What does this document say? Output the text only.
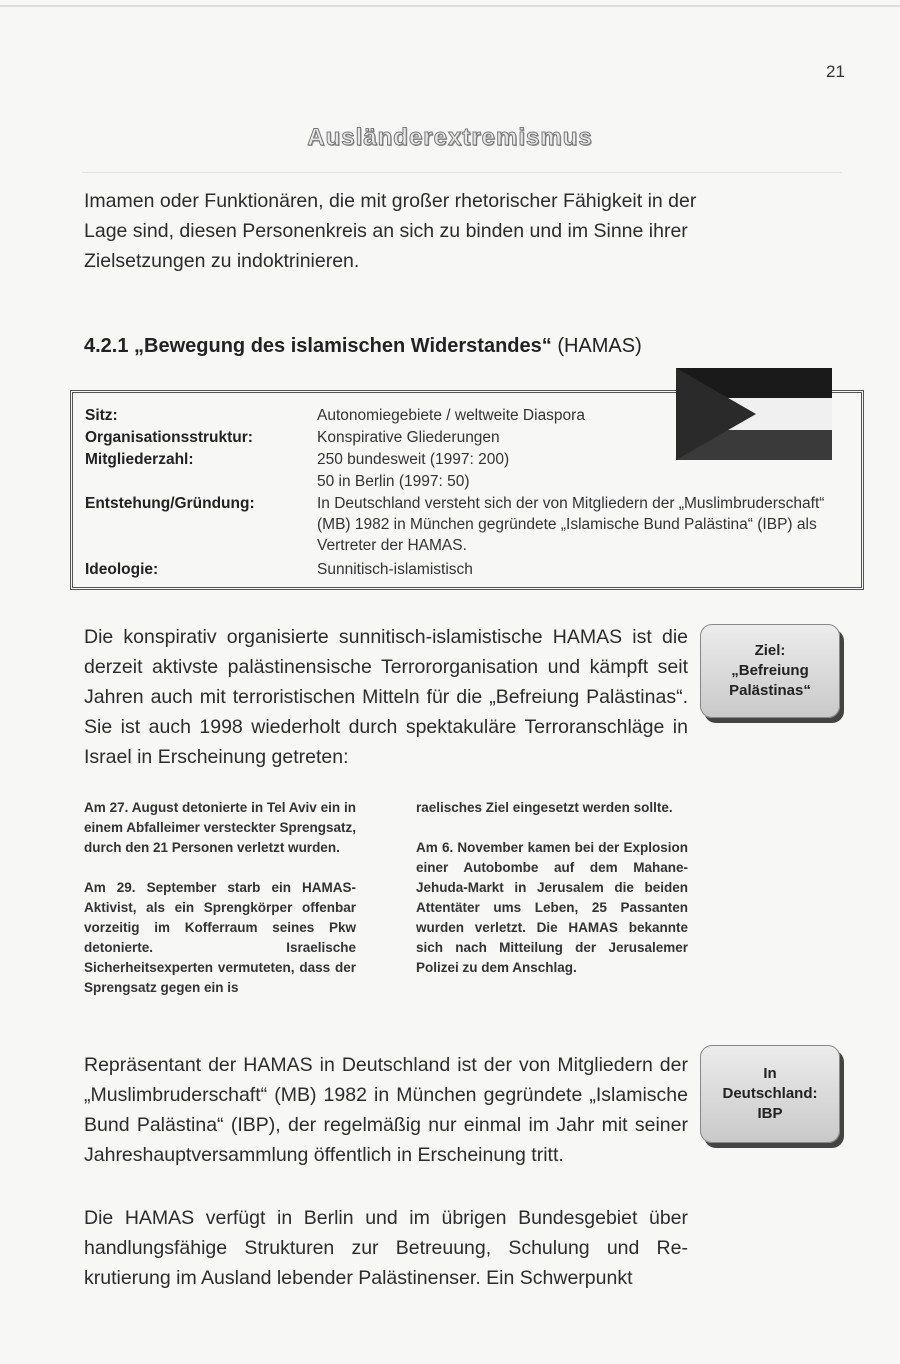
21
Ausländerextremismus
Imamen oder Funktionären, die mit großer rhetorischer Fähigkeit in der Lage sind, diesen Personenkreis an sich zu binden und im Sinne ihrer Zielsetzungen zu indoktrinieren.
4.2.1 „Bewegung des islamischen Widerstandes“ (HAMAS)
Sitz:	Autonomiegebiete / weltweite Diaspora
Organisationsstruktur:	Konspirative Gliederungen
Mitgliederzahl:	250 bundesweit (1997: 200)
50 in Berlin (1997: 50)
Entstehung/Gründung:	In Deutschland versteht sich der von Mitgliedern der „Muslimbruderschaft“ (MB) 1982 in München gegründete „Islamische Bund Palästina“ (IBP) als Vertreter der HAMAS.
Ideologie:	Sunnitisch-islamistisch
Die konspirativ organisierte sunnitisch-islamistische HAMAS ist die derzeit aktivste palästinensische Terrororganisation und kämpft seit Jahren auch mit terroristischen Mitteln für die „Befreiung Palästinas“. Sie ist auch 1998 wiederholt durch spektakuläre Terroranschläge in Israel in Erscheinung getreten:
Ziel:
„Befreiung
Palästinas“

Am 27. August detonierte in Tel Aviv ein in einem Abfalleimer versteckter Sprengsatz, durch den 21 Personen verletzt wurden.

Am 29. September starb ein HAMAS-Aktivist, als ein Sprengkörper offenbar vorzeitig im Kofferraum seines Pkw detonierte. Israelische Sicherheitsexperten vermuteten, dass der Sprengsatz gegen ein is

raelisches Ziel eingesetzt werden sollte.

Am 6. November kamen bei der Explosion einer Autobombe auf dem Mahane-Jehuda-Markt in Jerusalem die beiden Attentäter ums Leben, 25 Passanten wurden verletzt. Die HAMAS bekannte sich nach Mitteilung der Jerusalemer Polizei zu dem Anschlag.

Repräsentant der HAMAS in Deutschland ist der von Mitgliedern der „Muslimbruderschaft“ (MB) 1982 in München gegründete „Islamische Bund Palästina“ (IBP), der regelmäßig nur einmal im Jahr mit seiner Jahreshauptversammlung öffentlich in Erscheinung tritt.
In
Deutschland:
IBP
Die HAMAS verfügt in Berlin und im übrigen Bundesgebiet über handlungsfähige Strukturen zur Betreuung, Schulung und Rekrutierung im Ausland lebender Palästinenser. Ein Schwerpunkt
